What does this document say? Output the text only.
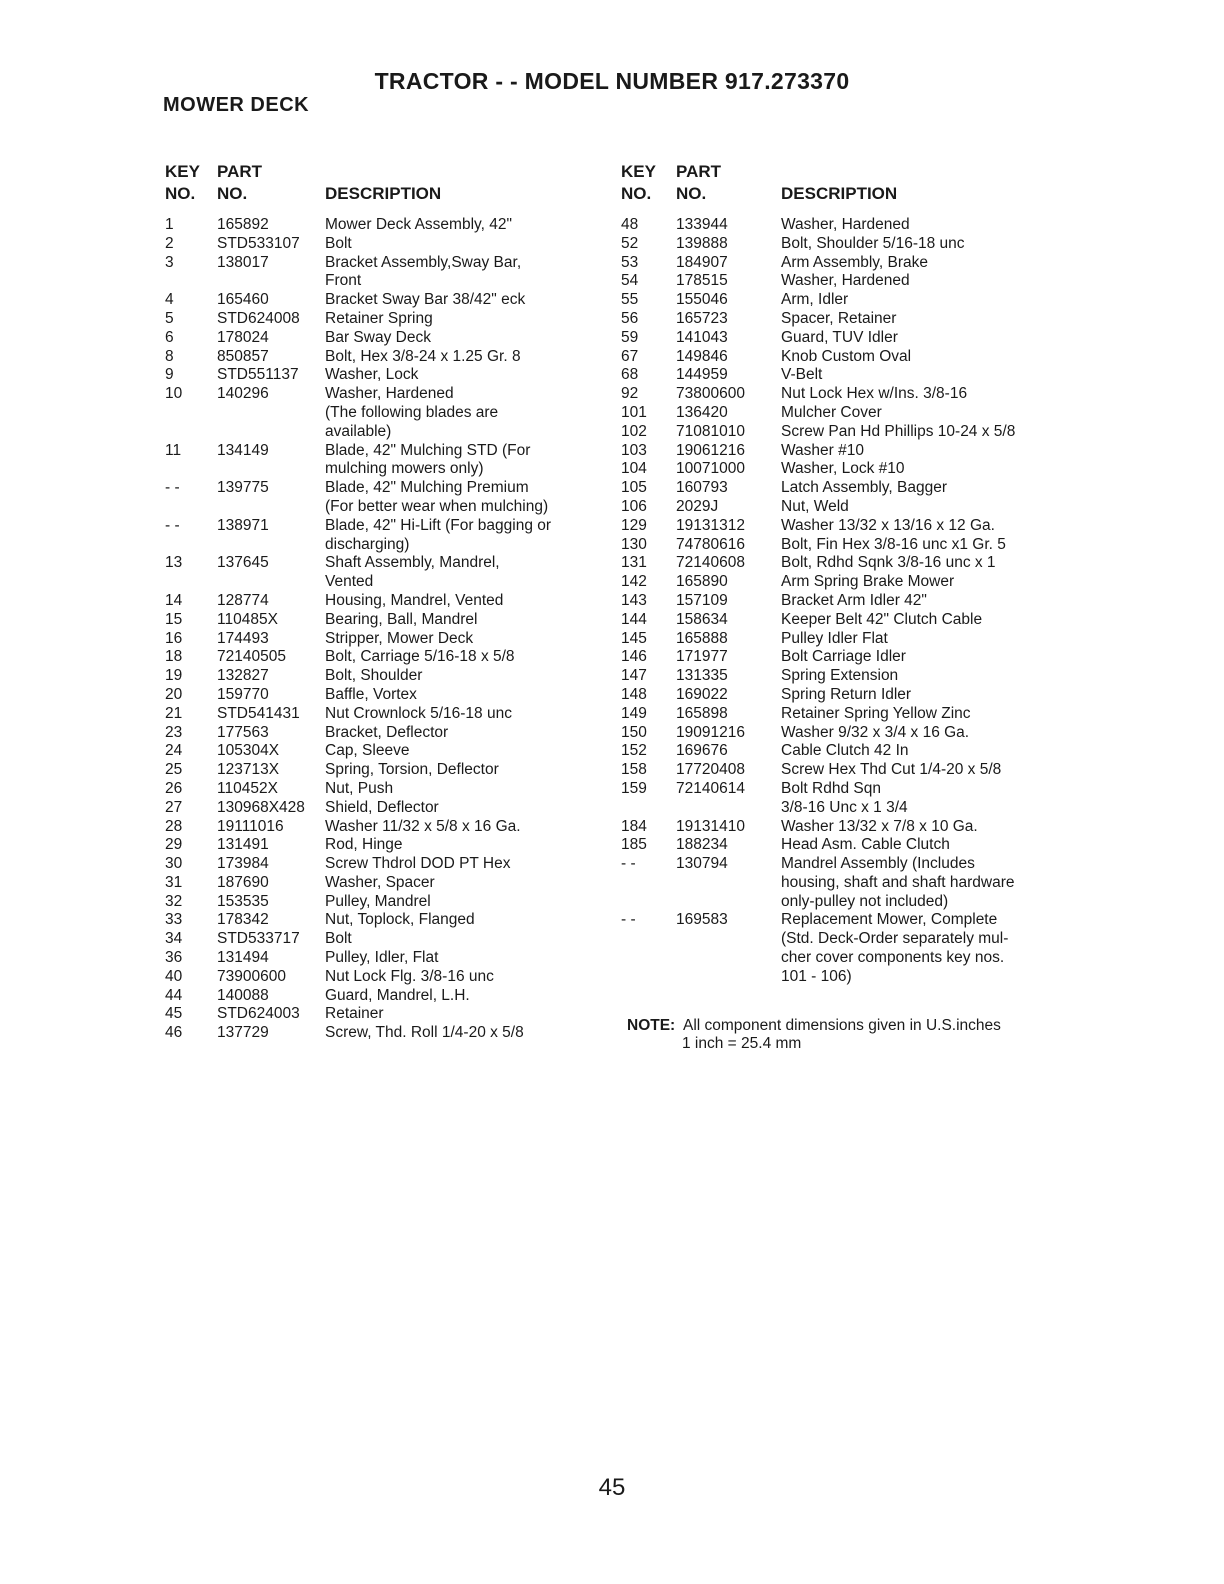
TRACTOR - - MODEL NUMBER 917.273370
MOWER DECK
KEY
NO.
PART
NO.	DESCRIPTION
1	165892	Mower Deck Assembly, 42"
2	STD533107 Bolt
3	138017	Bracket Assembly,Sway Bar,
Front
4	165460	Bracket Sway Bar 38/42" eck
5	STD624008 Retainer Spring
6	178024	Bar Sway Deck
8	850857	Bolt, Hex 3/8-24 x 1.25 Gr. 8
9	STD551137 Washer, Lock
10 140296	Washer, Hardened
(The following blades are
available)
11 134149	Blade, 42" Mulching STD (For
mulching mowers only)
- - 139775	Blade, 42" Mulching Premium
(For better wear when mulching)
- - 138971	Blade, 42" Hi-Lift (For bagging or
discharging)
13 137645	Shaft Assembly, Mandrel,
Vented
14 128774	Housing, Mandrel, Vented
15 110485X	Bearing, Ball, Mandrel
16 174493	Stripper, Mower Deck
18 72140505	Bolt, Carriage 5/16-18 x 5/8
19 132827	Bolt, Shoulder
20 159770	Baffle, Vortex
21 STD541431 Nut Crownlock 5/16-18 unc
23 177563	Bracket, Deflector
24 105304X	Cap, Sleeve
25 123713X	Spring, Torsion, Deflector
26 110452X	Nut, Push
27 130968X428 Shield, Deflector
28 19111016	Washer 11/32 x 5/8 x 16 Ga.
29 131491	Rod, Hinge
30 173984	Screw Thdrol DOD PT Hex
31 187690	Washer, Spacer
32 153535	Pulley, Mandrel
33 178342	Nut, Toplock, Flanged
34 STD533717 Bolt
36 131494	Pulley, Idler, Flat
40 73900600	Nut Lock Flg. 3/8-16 unc
44 140088	Guard, Mandrel, L.H.
45 STD624003 Retainer
46 137729	Screw, Thd. Roll 1/4-20 x 5/8
KEY
NO.
PART
NO.	DESCRIPTION
48 133944	Washer, Hardened
52 139888	Bolt, Shoulder 5/16-18 unc
53 184907	Arm Assembly, Brake
54 178515	Washer, Hardened
55 155046	Arm, Idler
56 165723	Spacer, Retainer
59 141043	Guard, TUV Idler
67 149846	Knob Custom Oval
68 144959	V-Belt
92 73800600 Nut Lock Hex w/Ins. 3/8-16
101 136420	Mulcher Cover
102 71081010 Screw Pan Hd Phillips 10-24 x 5/8
103 19061216 Washer #10
104 10071000 Washer, Lock #10
105 160793	Latch Assembly, Bagger
106 2029J	Nut, Weld
129 19131312 Washer 13/32 x 13/16 x 12 Ga.
130 74780616 Bolt, Fin Hex 3/8-16 unc x1 Gr. 5
131 72140608 Bolt, Rdhd Sqnk 3/8-16 unc x 1
142 165890	Arm Spring Brake Mower
143 157109	Bracket Arm Idler 42"
144 158634	Keeper Belt 42" Clutch Cable
145 165888	Pulley Idler Flat
146 171977	Bolt Carriage Idler
147 131335	Spring Extension
148 169022	Spring Return Idler
149 165898	Retainer Spring Yellow Zinc
150 19091216 Washer 9/32 x 3/4 x 16 Ga.
152 169676	Cable Clutch 42 In
158 17720408 Screw Hex Thd Cut 1/4-20 x 5/8
159 72140614 Bolt Rdhd Sqn
3/8-16 Unc x 1 3/4
184 19131410 Washer 13/32 x 7/8 x 10 Ga.
185 188234	Head Asm. Cable Clutch
- -	130794	Mandrel Assembly (Includes
housing, shaft and shaft hardware
only-pulley not included)
- -	169583	Replacement Mower, Complete
(Std. Deck-Order separately mul-
cher cover components key nos.
101 - 106)
NOTE: All component dimensions given in U.S.inches
1 inch = 25.4 mm
45
